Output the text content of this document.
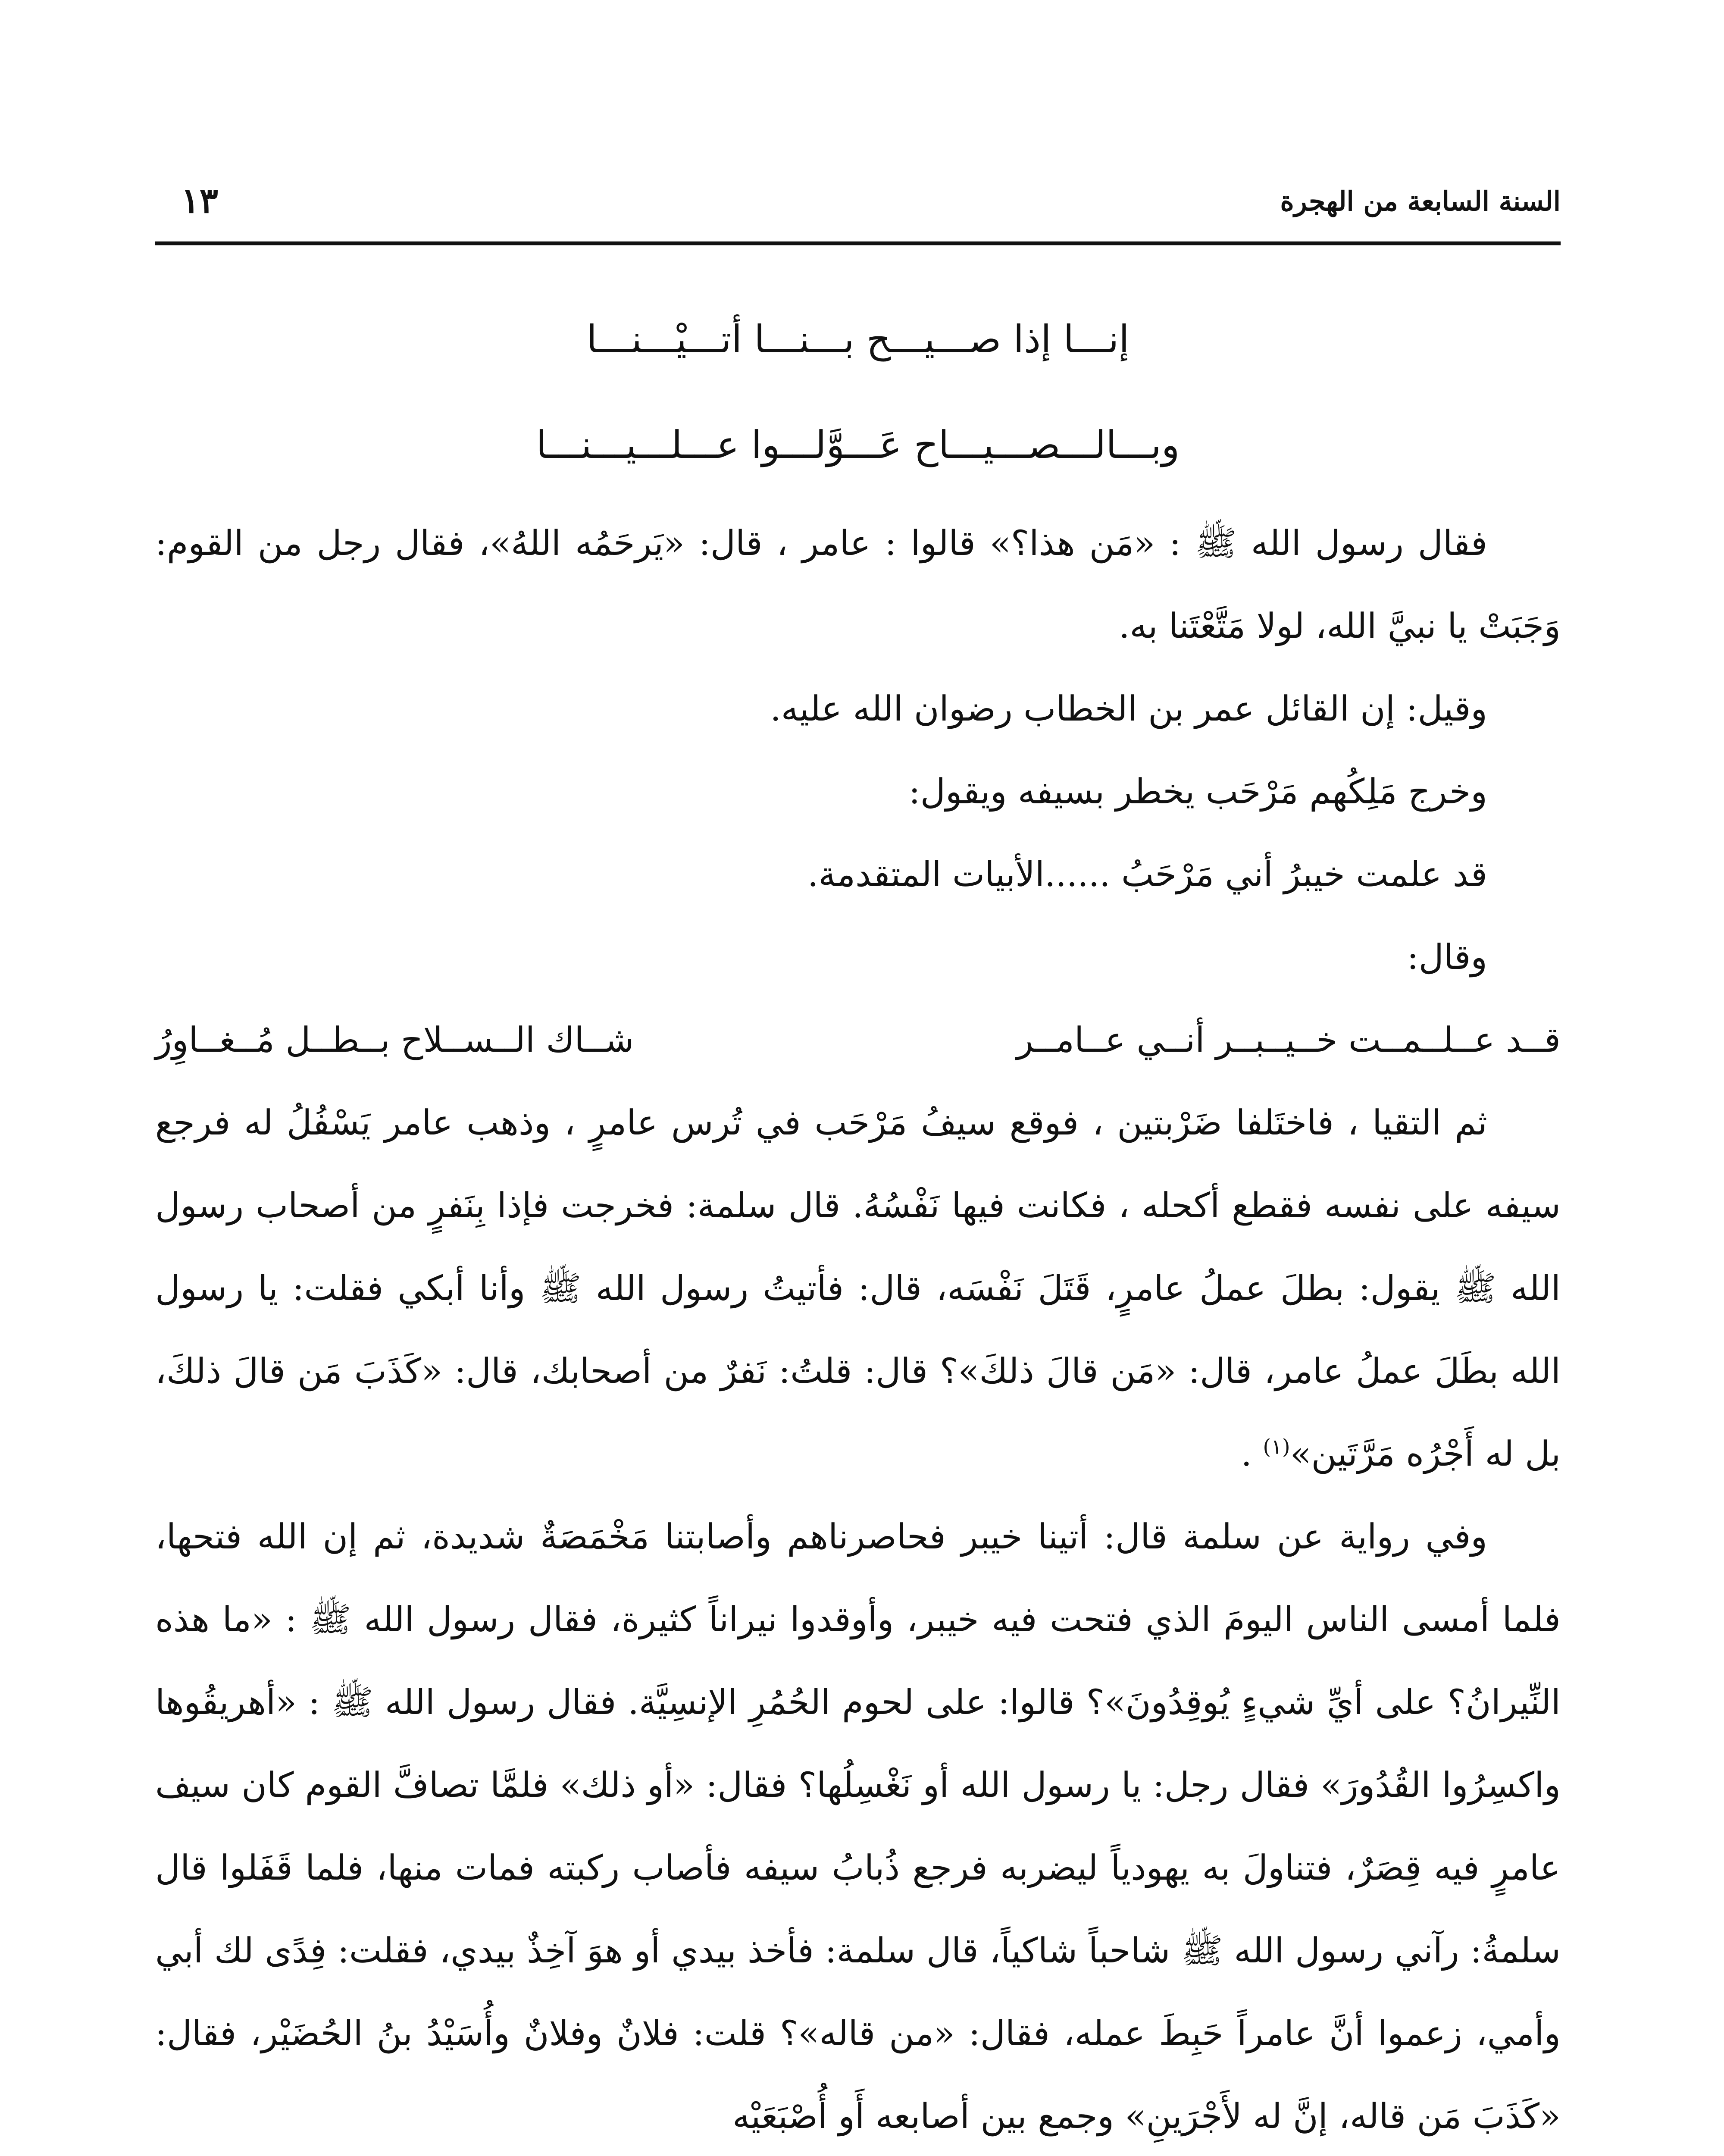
السنة السابعة من الهجرة
١٣
إنـــا إذا صـــيـــح بـــنـــا أتـــيْـــنـــا
وبـــالـــصـــيـــاح عَـــوَّلـــوا عـــلـــيـــنـــا

فقال رسول الله ﷺ : «مَن هذا؟» قالوا : عامر ، قال: «يَرحَمُه اللهُ»، فقال رجل من القوم: وَجَبَتْ يا نبيَّ الله، لولا مَتَّعْتَنا به.

وقيل: إن القائل عمر بن الخطاب رضوان الله عليه.

وخرج مَلِكُهم مَرْحَب يخطر بسيفه ويقول:

قد علمت خيبرُ أني مَرْحَبُ ......الأبيات المتقدمة.

وقال:

قــد عــلــمــت خــيــبــر أنــي عــامــر
شــاك الــســلاح بــطــل مُــغــاوِرُ

ثم التقيا ، فاختَلفا ضَرْبتين ، فوقع سيفُ مَرْحَب في تُرس عامرٍ ، وذهب عامر يَسْفُلُ له فرجع سيفه على نفسه فقطع أكحله ، فكانت فيها نَفْسُهُ. قال سلمة: فخرجت فإذا بِنَفرٍ من أصحاب رسول الله ﷺ يقول: بطلَ عملُ عامرٍ، قَتَلَ نَفْسَه، قال: فأتيتُ رسول الله ﷺ وأنا أبكي فقلت: يا رسول الله بطَلَ عملُ عامر، قال: «مَن قالَ ذلكَ»؟ قال: قلتُ: نَفرٌ من أصحابك، قال: «كَذَبَ مَن قالَ ذلكَ، بل له أَجْرُه مَرَّتَين»$^{(١)}$ .

وفي رواية عن سلمة قال: أتينا خيبر فحاصرناهم وأصابتنا مَخْمَصَةٌ شديدة، ثم إن الله فتحها، فلما أمسى الناس اليومَ الذي فتحت فيه خيبر، وأوقدوا نيراناً كثيرة، فقال رسول الله ﷺ : «ما هذه النِّيرانُ؟ على أيِّ شيءٍ يُوقِدُونَ»؟ قالوا: على لحوم الحُمُرِ الإنسِيَّة. فقال رسول الله ﷺ : «أهريقُوها واكسِرُوا القُدُورَ» فقال رجل: يا رسول الله أو نَغْسِلُها؟ فقال: «أو ذلك» فلمَّا تصافَّ القوم كان سيف عامرٍ فيه قِصَرٌ، فتناولَ به يهودياً ليضربه فرجع ذُبابُ سيفه فأصاب ركبته فمات منها، فلما قَفَلوا قال سلمةُ: رآني رسول الله ﷺ شاحباً شاكياً، قال سلمة: فأخذ بيدي أو هوَ آخِذٌ بيدي، فقلت: فِدًى لك أبي وأمي، زعموا أنَّ عامراً حَبِطَ عمله، فقال: «من قاله»؟ قلت: فلانٌ وفلانٌ وأُسَيْدُ بنُ الحُضَيْر، فقال: «كَذَبَ مَن قاله، إنَّ له لأَجْرَينِ» وجمع بين أصابعه أَو أُصْبَعَيْه
